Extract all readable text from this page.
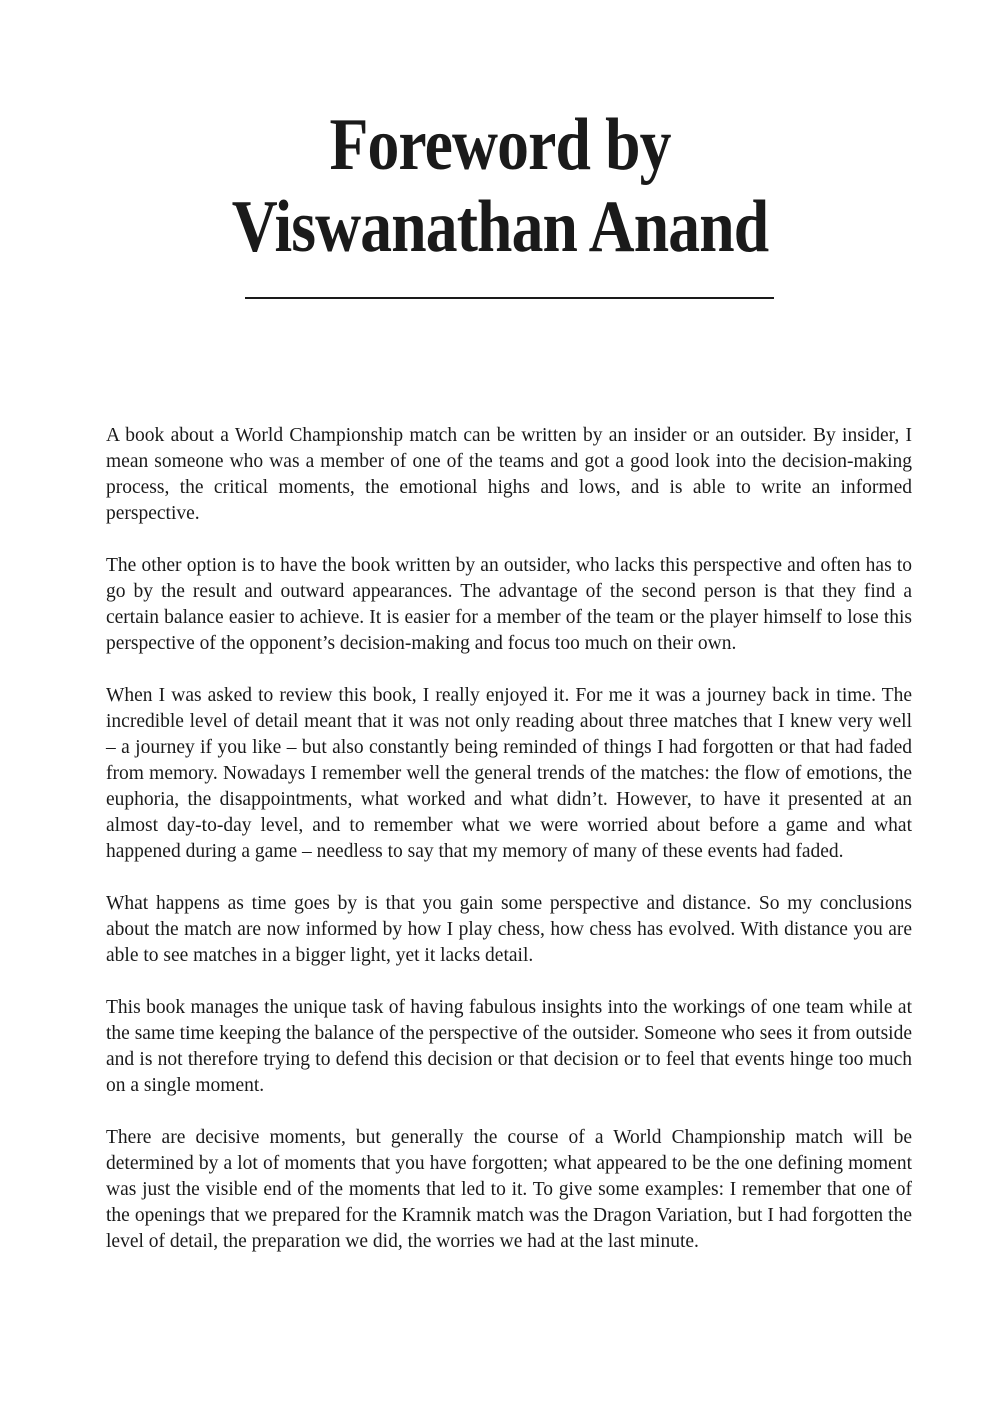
Foreword by
Viswanathan Anand

A book about a World Championship match can be written by an insider or an outsider. By insider, I mean someone who was a member of one of the teams and got a good look into the decision-making process, the critical moments, the emotional highs and lows, and is able to write an informed perspective.

The other option is to have the book written by an outsider, who lacks this perspective and often has to go by the result and outward appearances. The advantage of the second person is that they find a certain balance easier to achieve. It is easier for a member of the team or the player himself to lose this perspective of the opponent’s decision-making and focus too much on their own.

When I was asked to review this book, I really enjoyed it. For me it was a journey back in time. The incredible level of detail meant that it was not only reading about three matches that I knew very well – a journey if you like – but also constantly being reminded of things I had forgotten or that had faded from memory. Nowadays I remember well the general trends of the matches: the flow of emotions, the euphoria, the disappointments, what worked and what didn’t. However, to have it presented at an almost day-to-day level, and to remember what we were worried about before a game and what happened during a game – needless to say that my memory of many of these events had faded.

What happens as time goes by is that you gain some perspective and distance. So my conclusions about the match are now informed by how I play chess, how chess has evolved. With distance you are able to see matches in a bigger light, yet it lacks detail.

This book manages the unique task of having fabulous insights into the workings of one team while at the same time keeping the balance of the perspective of the outsider. Someone who sees it from outside and is not therefore trying to defend this decision or that decision or to feel that events hinge too much on a single moment.

There are decisive moments, but generally the course of a World Championship match will be determined by a lot of moments that you have forgotten; what appeared to be the one defining moment was just the visible end of the moments that led to it. To give some examples: I remember that one of the openings that we prepared for the Kramnik match was the Dragon Variation, but I had forgotten the level of detail, the preparation we did, the worries we had at the last minute.
